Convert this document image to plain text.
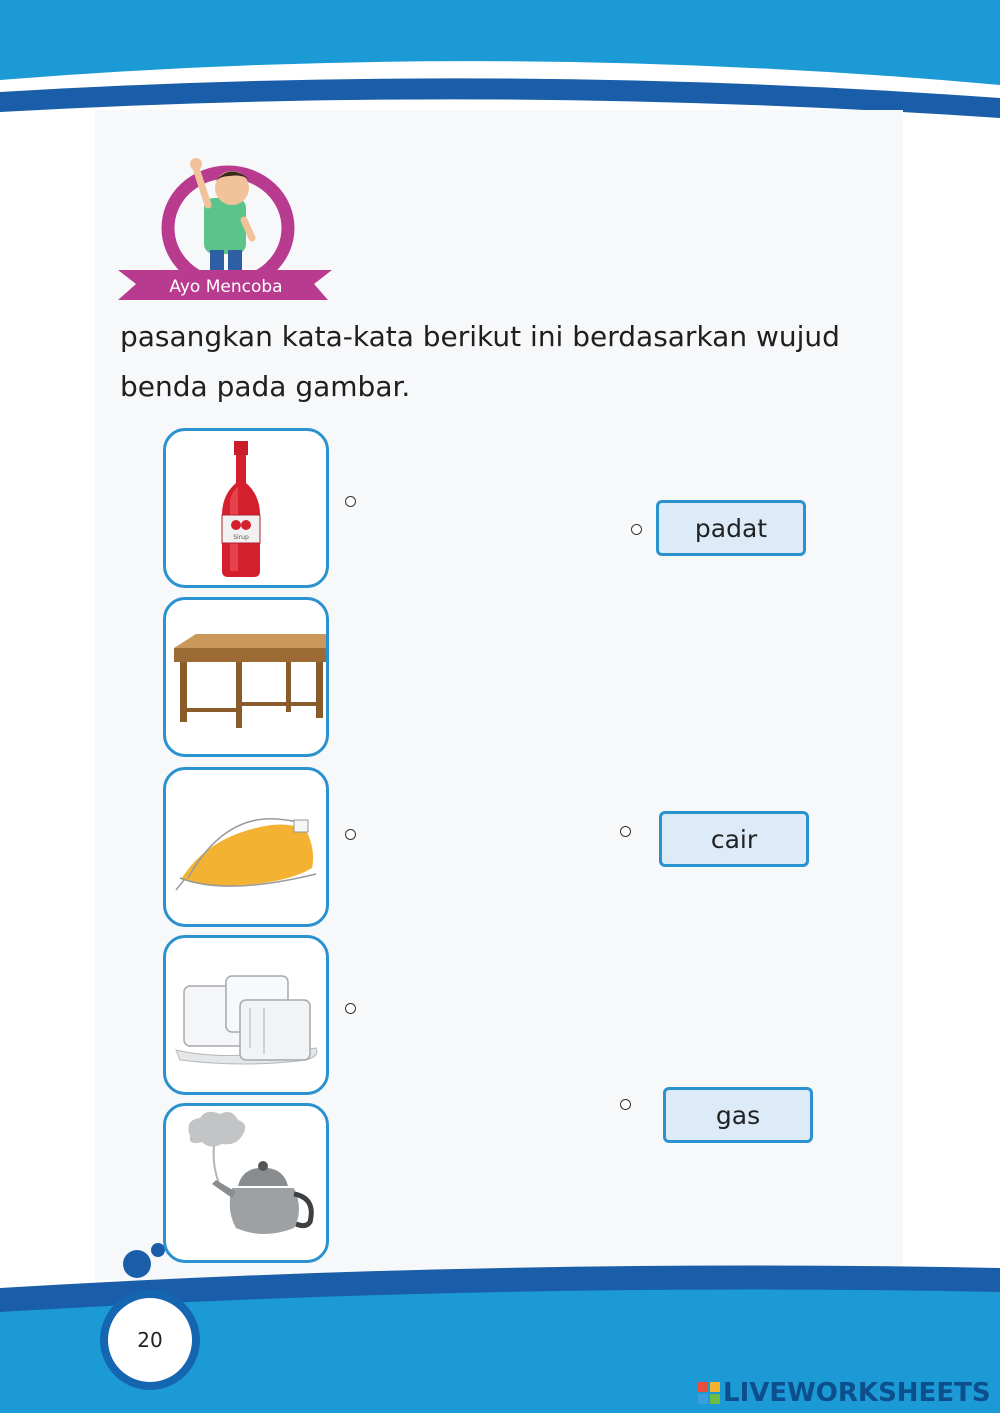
Ayo Mencoba

pasangkan kata-kata berikut ini berdasarkan wujud
benda pada gambar.

Sirup	padat
cair
gas
20
LIVEWORKSHEETS
